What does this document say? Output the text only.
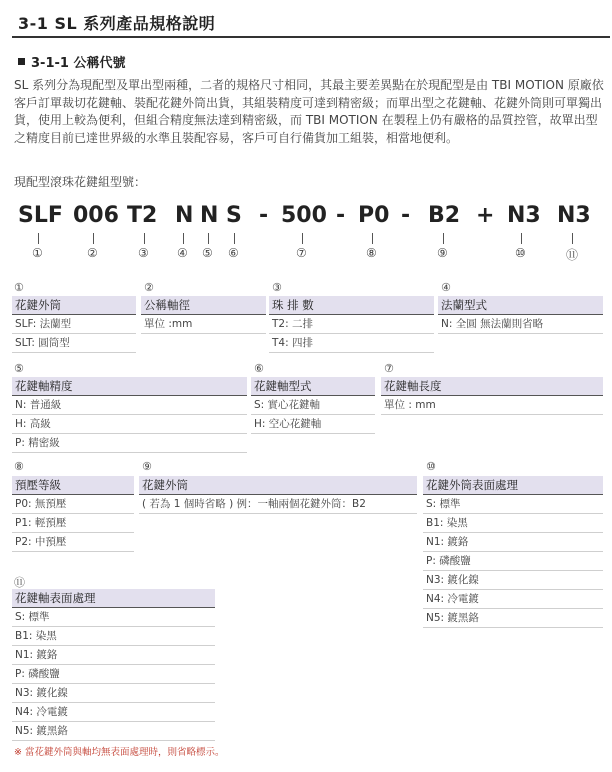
3-1 SL 系列產品規格說明
3-1-1 公稱代號
SL 系列分為現配型及單出型兩種，二者的規格尺寸相同，其最主要差異點在於現配型是由 TBI MOTION 原廠依客戶訂單裁切花鍵軸、裝配花鍵外筒出貨，其組裝精度可達到精密級；而單出型之花鍵軸、花鍵外筒則可單獨出貨，使用上較為便利，但組合精度無法達到精密級，而 TBI MOTION 在製程上仍有嚴格的品質控管，故單出型之精度目前已達世界級的水準且裝配容易，客戶可自行備貨加工組裝，相當地便利。
現配型滾珠花鍵組型號：
SLF 006 T2 N N S - 500 - P0 - B2 + N3 N3
①	②	③ ④ ⑤ ⑥	⑦	⑧	⑨	⑩	⑪
①
花鍵外筒
SLF: 法蘭型
SLT: 圓筒型
②
公稱軸徑
單位 :mm
③
珠 排 數
T2: 二排
T4: 四排
④
法蘭型式
N: 全圓 無法蘭則省略
⑤
花鍵軸精度
N: 普通級
H: 高級
P: 精密級
⑥
花鍵軸型式
S: 實心花鍵軸
H: 空心花鍵軸
⑦
花鍵軸長度
單位 : mm
⑧
預壓等級
P0: 無預壓
P1: 輕預壓
P2: 中預壓
⑨
花鍵外筒
( 若為 1 個時省略 ) 例：一軸兩個花鍵外筒：B2
⑩
花鍵外筒表面處理
S: 標準
B1: 染黑
N1: 鍍鉻
P: 磷酸鹽
N3: 鍍化鎳
N4: 冷電鍍
N5: 鍍黑鉻
⑪
花鍵軸表面處理
S: 標準
B1: 染黑
N1: 鍍鉻
P: 磷酸鹽
N3: 鍍化鎳
N4: 冷電鍍
N5: 鍍黑鉻
※ 當花鍵外筒與軸均無表面處理時，則省略標示。
